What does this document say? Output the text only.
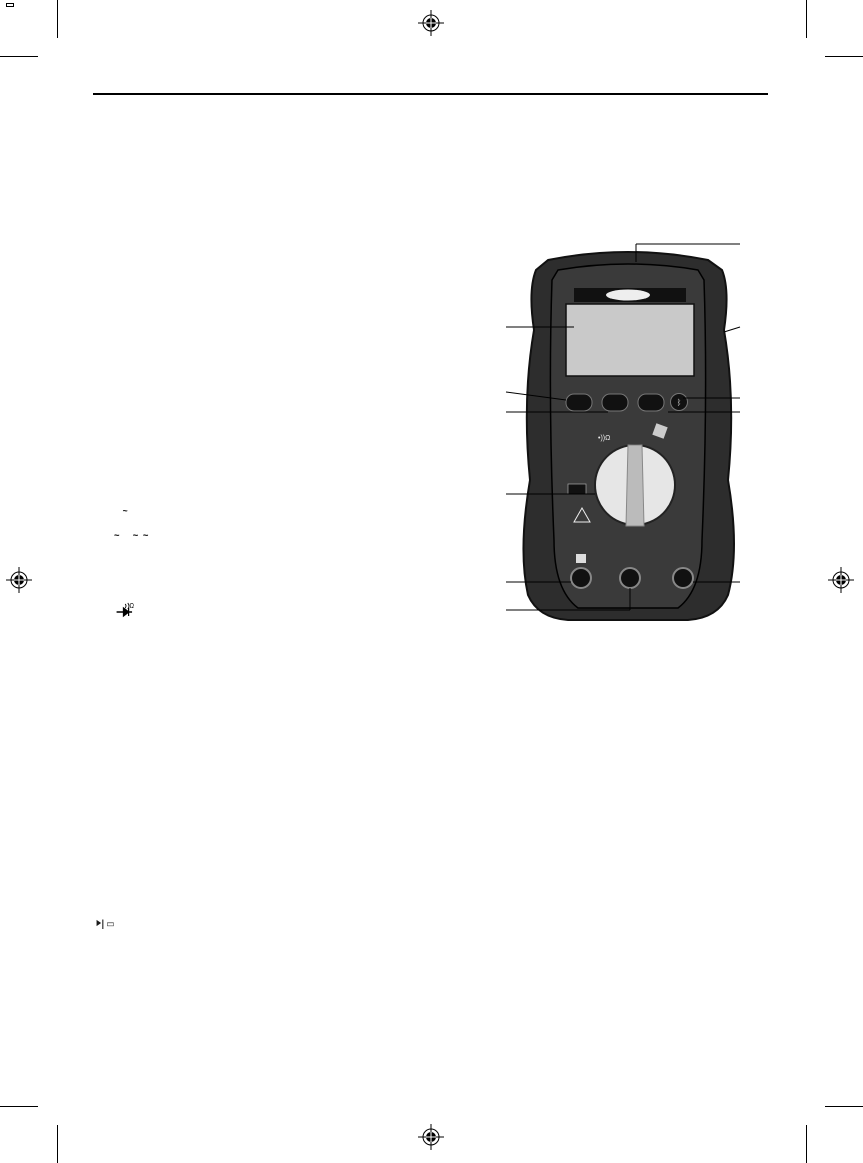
~
~
~
~
Ω
⯈| ▭
ᛒ
•))Ω
